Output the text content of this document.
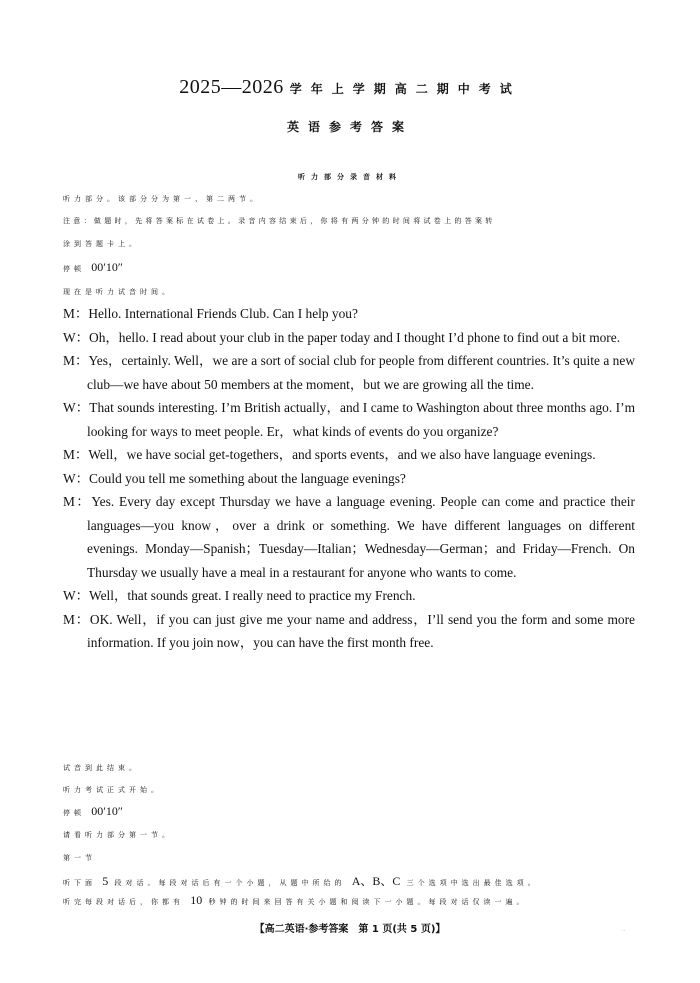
2025—2026 学年上学期高二期中考试
英语参考答案
听力部分录音材料
听力部分。该部分分为第一、第二两节。
注意：做题时，先将答案标在试卷上。录音内容结束后，你将有两分钟的时间将试卷上的答案转
涂到答题卡上。
停顿 00′10″
现在是听力试音时间。

M：Hello. International Friends Club. Can I help you?

W：Oh，hello. I read about your club in the paper today and I thought I’d phone to find out a bit more.

M：Yes，certainly. Well，we are a sort of social club for people from different countries. It’s quite a new club—we have about 50 members at the moment，but we are growing all the time.

W：That sounds interesting. I’m British actually，and I came to Washington about three months ago. I’m looking for ways to meet people. Er，what kinds of events do you organize?

M：Well，we have social get-togethers，and sports events，and we also have language evenings.

W：Could you tell me something about the language evenings?

M：Yes. Every day except Thursday we have a language evening. People can come and practice their languages—you know，over a drink or something. We have different languages on different evenings. Monday—Spanish；Tuesday—Italian；Wednesday—German；and Friday—French. On Thursday we usually have a meal in a restaurant for anyone who wants to come.

W：Well，that sounds great. I really need to practice my French.

M：OK. Well，if you can just give me your name and address，I’ll send you the form and some more information. If you join now，you can have the first month free.

试音到此结束。
听力考试正式开始。
停顿 00′10″
请看听力部分第一节。
第一节
听下面 5 段对话。每段对话后有一个小题，从题中所给的 A、B、C 三个选项中选出最佳选项。
听完每段对话后，你都有 10 秒钟的时间来回答有关小题和阅读下一小题。每段对话仅读一遍。
【高二英语·参考答案　第 1 页(共 5 页)】	··
